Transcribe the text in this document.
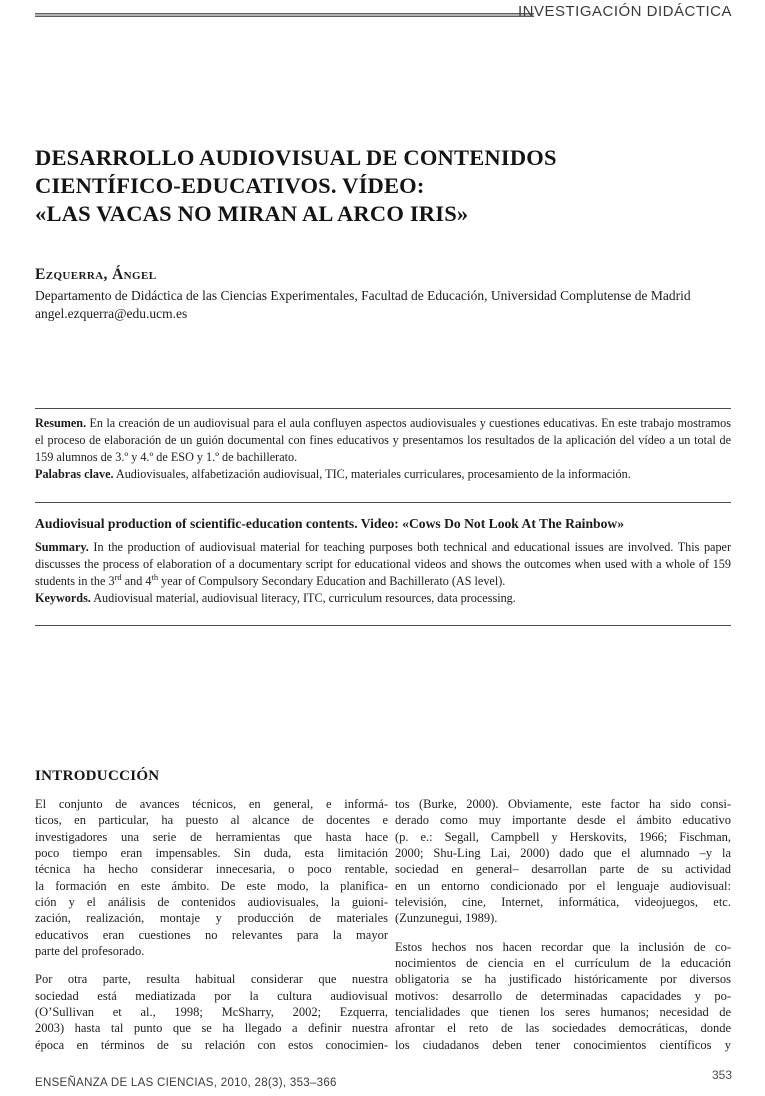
INVESTIGACIÓN DIDÁCTICA
DESARROLLO AUDIOVISUAL DE CONTENIDOS
CIENTÍFICO-EDUCATIVOS. VÍDEO:
«LAS VACAS NO MIRAN AL ARCO IRIS»
Ezquerra, Ángel
Departamento de Didáctica de las Ciencias Experimentales, Facultad de Educación, Universidad Complutense de Madrid
angel.ezquerra@edu.ucm.es

Resumen. En la creación de un audiovisual para el aula confluyen aspectos audiovisuales y cuestiones educativas. En este trabajo mostramos el proceso de elaboración de un guión documental con fines educativos y presentamos los resultados de la aplicación del vídeo a un total de 159 alumnos de 3.º y 4.º de ESO y 1.º de bachillerato.

Palabras clave. Audiovisuales, alfabetización audiovisual, TIC, materiales curriculares, procesamiento de la información.

Audiovisual production of scientific-education contents. Video: «Cows Do Not Look At The Rainbow»

Summary. In the production of audiovisual material for teaching purposes both technical and educational issues are involved. This paper discusses the process of elaboration of a documentary script for educational videos and shows the outcomes when used with a whole of 159 students in the 3rd and 4th year of Compulsory Secondary Education and Bachillerato (AS level).

Keywords. Audiovisual material, audiovisual literacy, ITC, curriculum resources, data processing.

INTRODUCCIÓN
El conjunto de avances técnicos, en general, e informá-
ticos, en particular, ha puesto al alcance de docentes e
investigadores una serie de herramientas que hasta hace
poco tiempo eran impensables. Sin duda, esta limitación
técnica ha hecho considerar innecesaria, o poco rentable,
la formación en este ámbito. De este modo, la planifica-
ción y el análisis de contenidos audiovisuales, la guioni-
zación, realización, montaje y producción de materiales
educativos eran cuestiones no relevantes para la mayor
parte del profesorado.
Por otra parte, resulta habitual considerar que nuestra
sociedad está mediatizada por la cultura audiovisual
(O’Sullivan et al., 1998; McSharry, 2002; Ezquerra,
2003) hasta tal punto que se ha llegado a definir nuestra
época en términos de su relación con estos conocimien-
tos (Burke, 2000). Obviamente, este factor ha sido consi-
derado como muy importante desde el ámbito educativo
(p. e.: Segall, Campbell y Herskovits, 1966; Fischman,
2000; Shu-Ling Lai, 2000) dado que el alumnado –y la
sociedad en general– desarrollan parte de su actividad
en un entorno condicionado por el lenguaje audiovisual:
televisión, cine, Internet, informática, videojuegos, etc.
(Zunzunegui, 1989).
Estos hechos nos hacen recordar que la inclusión de co-
nocimientos de ciencia en el currículum de la educación
obligatoria se ha justificado históricamente por diversos
motivos: desarrollo de determinadas capacidades y po-
tencialidades que tienen los seres humanos; necesidad de
afrontar el reto de las sociedades democráticas, donde
los ciudadanos deben tener conocimientos científicos y
ENSEÑANZA DE LAS CIENCIAS, 2010, 28(3), 353–366
353
